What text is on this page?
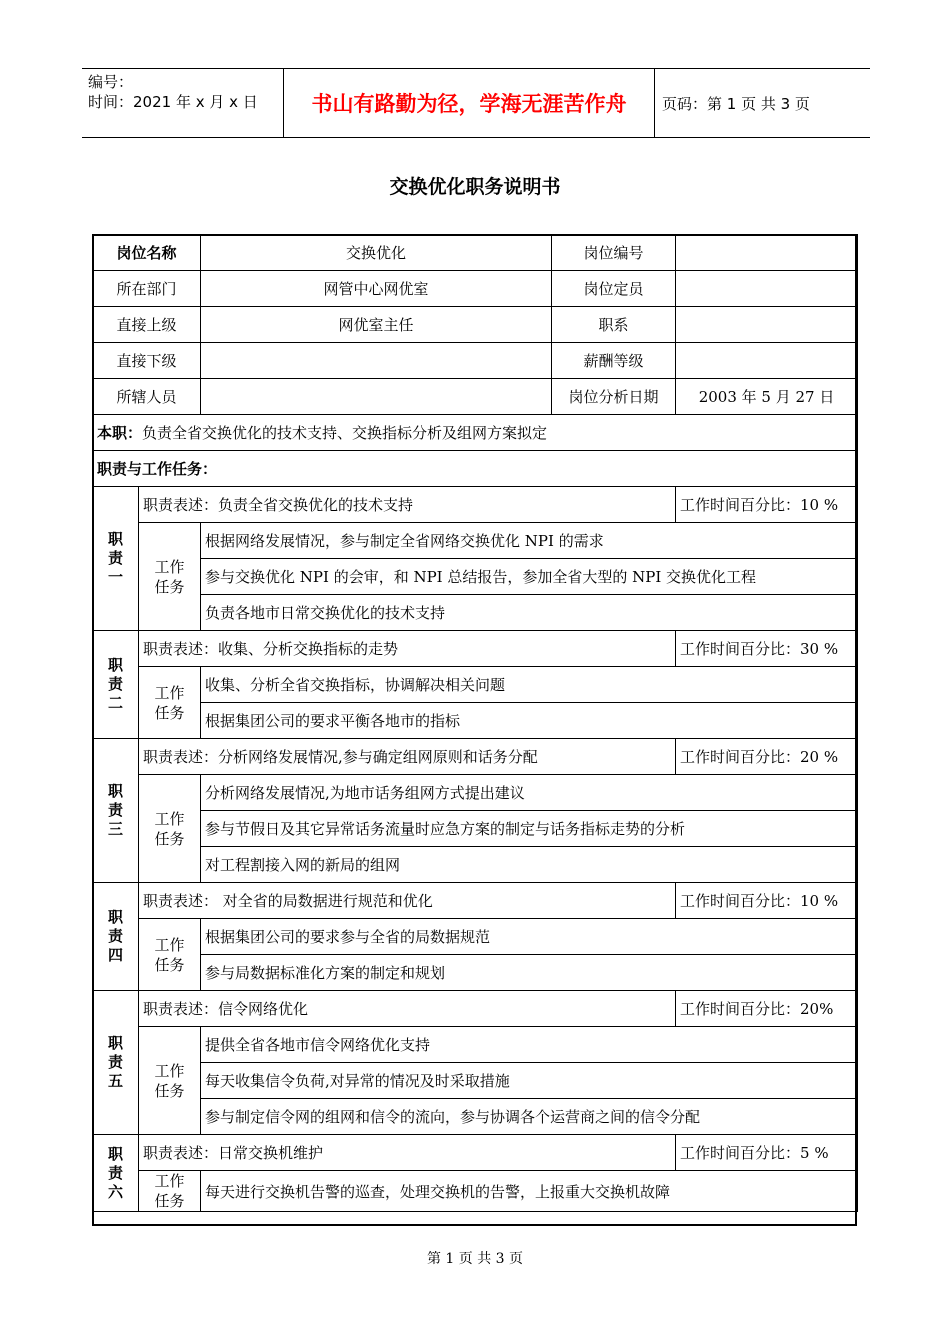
编号：
时间：2021 年 x 月 x 日	书山有路勤为径，学海无涯苦作舟	页码：第 1 页 共 3 页
交换优化职务说明书
岗位名称		交换优化	岗位编号	
所在部门		网管中心网优室	岗位定员	
直接上级		网优室主任	职系	
直接下级			薪酬等级	
所辖人员			岗位分析日期	2003 年 5 月 27 日
本职：负责全省交换优化的技术支持、交换指标分析及组网方案拟定				
职责与工作任务：				

职
责
一	职责表述：负责全省交换优化的技术支持			工作时间百分比：10 %

	工作
任务	根据网络发展情况，参与制定全省网络交换优化 NPI 的需求		
		参与交换优化 NPI 的会审，和 NPI 总结报告，参加全省大型的 NPI 交换优化工程		
		负责各地市日常交换优化的技术支持		

职
责
二	职责表述：收集、分析交换指标的走势			工作时间百分比：30 %

	工作
任务	收集、分析全省交换指标，协调解决相关问题		
		根据集团公司的要求平衡各地市的指标		

职
责
三	职责表述：分析网络发展情况,参与确定组网原则和话务分配			工作时间百分比：20 %

	工作
任务	分析网络发展情况,为地市话务组网方式提出建议		
		参与节假日及其它异常话务流量时应急方案的制定与话务指标走势的分析		
		对工程割接入网的新局的组网		

职
责
四	职责表述： 对全省的局数据进行规范和优化			工作时间百分比：10 %

	工作
任务	根据集团公司的要求参与全省的局数据规范		
		参与局数据标准化方案的制定和规划		

职
责
五	职责表述：信令网络优化			工作时间百分比：20%

	工作
任务	提供全省各地市信令网络优化支持		
		每天收集信令负荷,对异常的情况及时采取措施		
		参与制定信令网的组网和信令的流向，参与协调各个运营商之间的信令分配		

职
责
六	职责表述：日常交换机维护			工作时间百分比：5 %

	工作
任务	每天进行交换机告警的巡查，处理交换机的告警，上报重大交换机故障		
第 1 页 共 3 页
